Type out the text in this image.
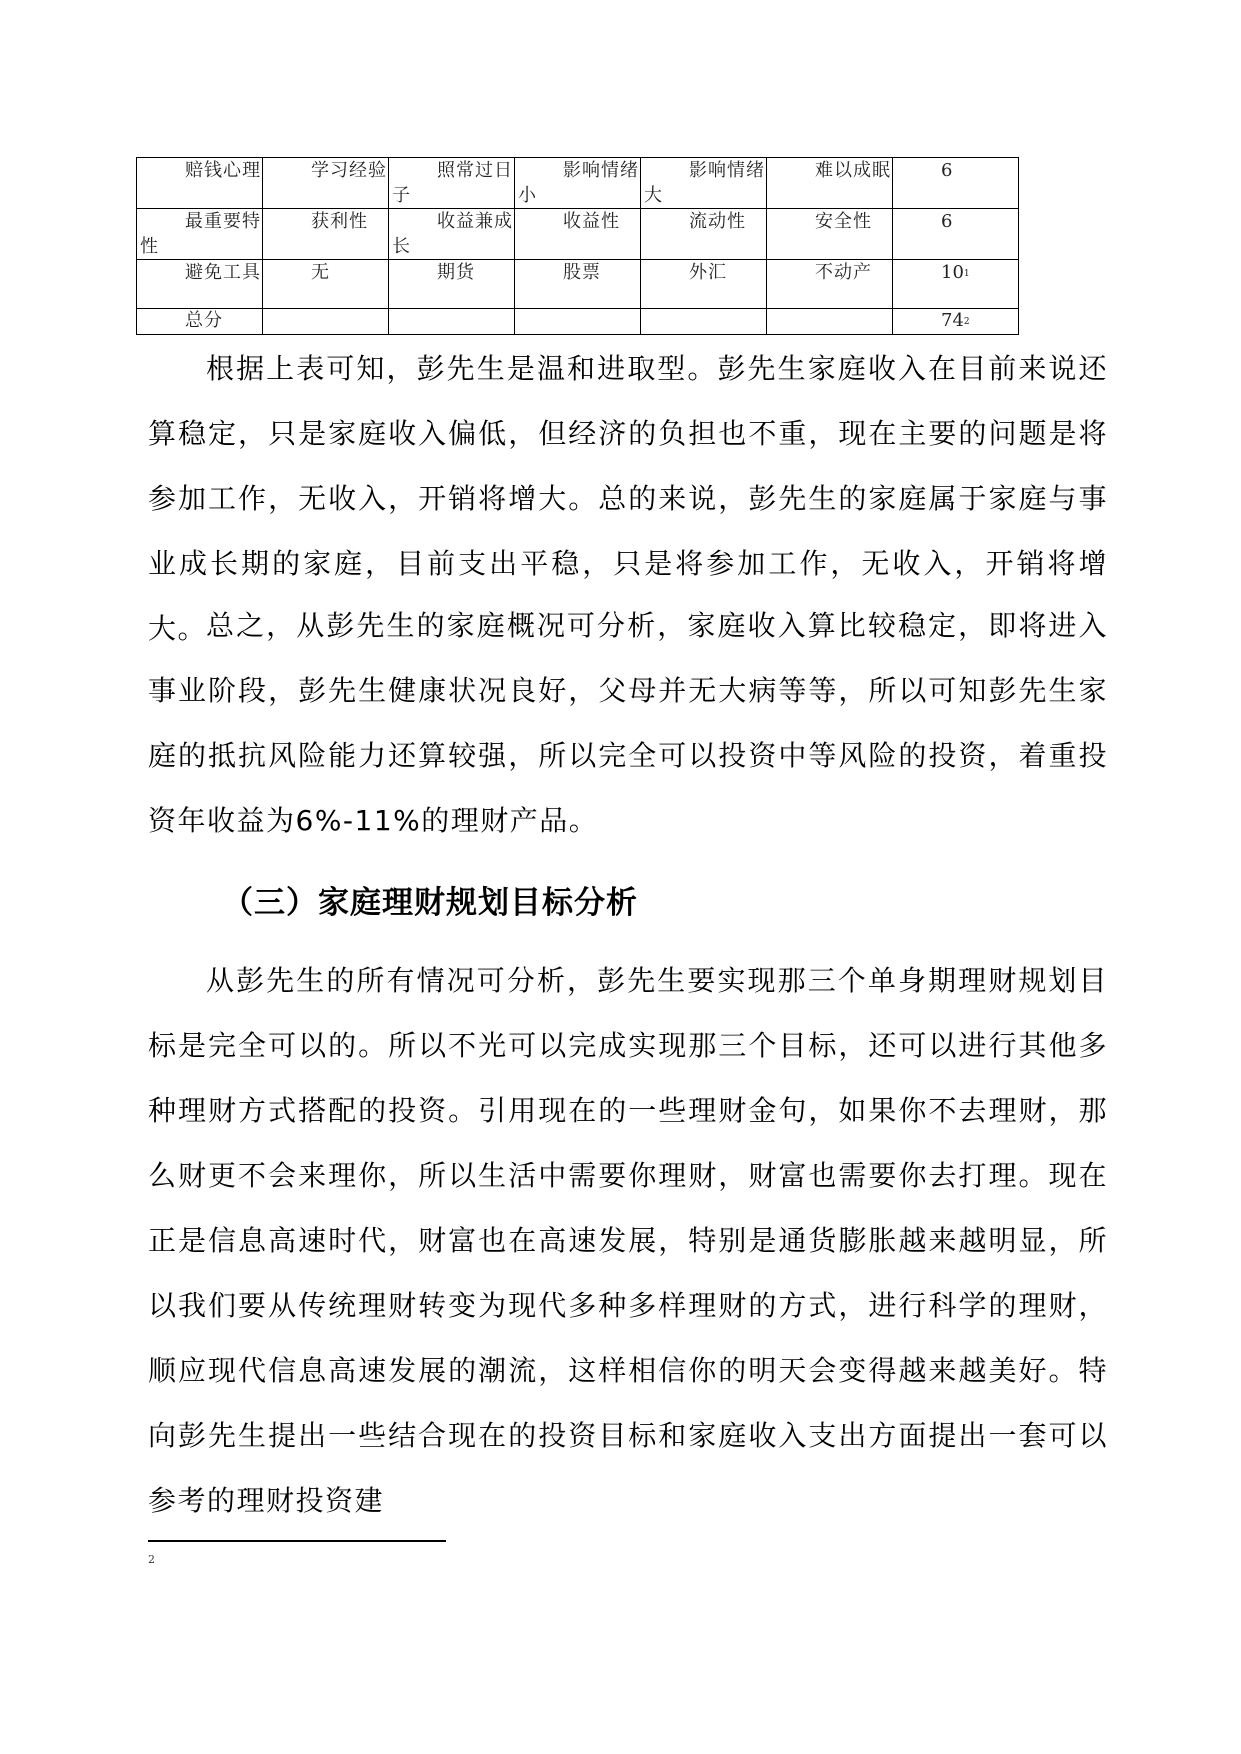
赔钱心理	学习经验	照常过日子	影响情绪小	影响情绪大	难以成眠	6

最重要特性	获利性	收益兼成长	收益性	流动性	安全性	6

避免工具	无	期货	股票	外汇	不动产	$10^1$

总分						$74^2$

根据上表可知，彭先生是温和进取型。彭先生家庭收入在目前来说还算稳定，只是家庭收入偏低，但经济的负担也不重，现在主要的问题是将参加工作，无收入，开销将增大。总的来说，彭先生的家庭属于家庭与事业成长期的家庭，目前支出平稳，只是将参加工作，无收入，开销将增大。

总之，从彭先生的家庭概况可分析，家庭收入算比较稳定，即将进入事业阶段，彭先生健康状况良好，父母并无大病等等，所以可知彭先生家庭的抵抗风险能力还算较强，所以完全可以投资中等风险的投资，着重投资年收益为6%-11%的理财产品。

（三）家庭理财规划目标分析

从彭先生的所有情况可分析，彭先生要实现那三个单身期理财规划目标是完全可以的。所以不光可以完成实现那三个目标，还可以进行其他多种理财方式搭配的投资。引用现在的一些理财金句，如果你不去理财，那么财更不会来理你，所以生活中需要你理财，财富也需要你去打理。现在正是信息高速时代，财富也在高速发展，特别是通货膨胀越来越明显，所以我们要从传统理财转变为现代多种多样理财的方式，进行科学的理财，顺应现代信息高速发展的潮流，这样相信你的明天会变得越来越美好。特向彭先生提出一些结合现在的投资目标和家庭收入支出方面提出一套可以参考的理财投资建

2
